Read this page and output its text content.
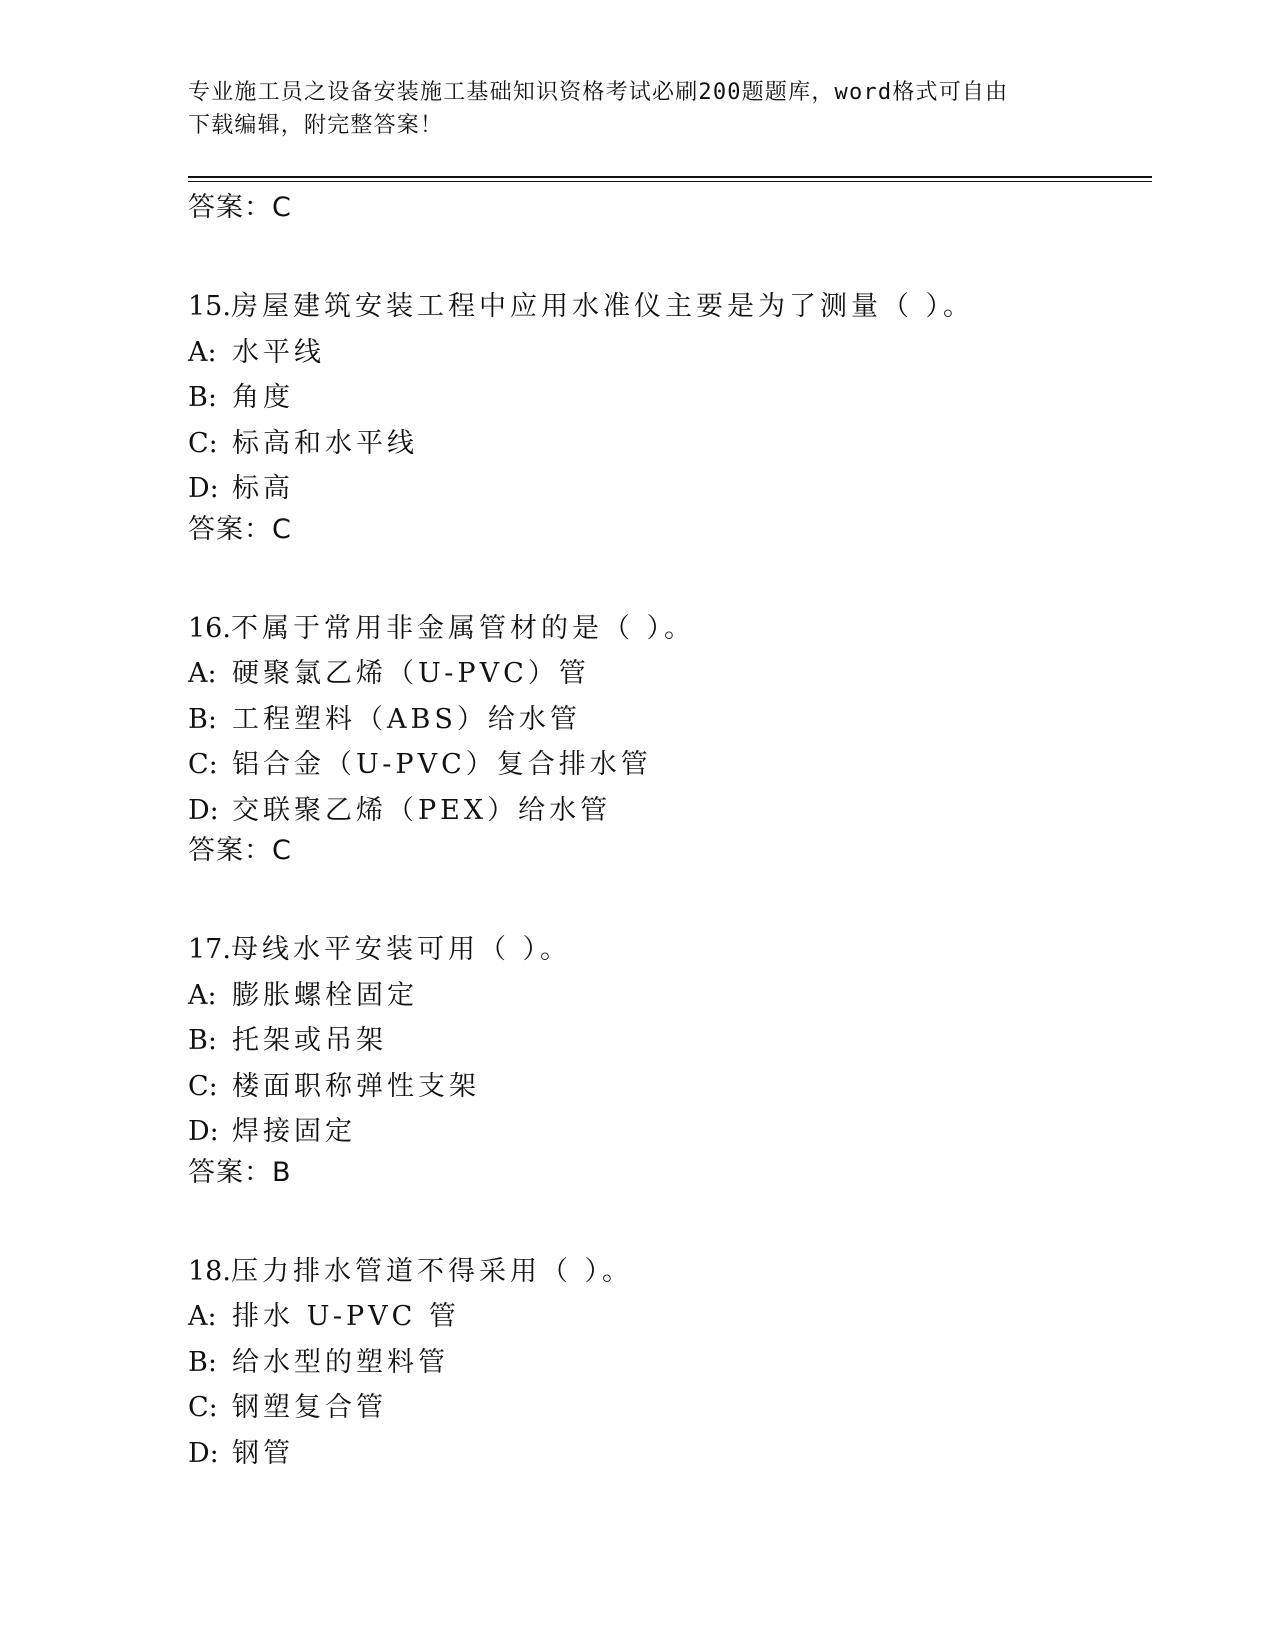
专业施工员之设备安装施工基础知识资格考试必刷200题题库，word格式可自由
下载编辑，附完整答案！
答案：C
15.房屋建筑安装工程中应用水准仪主要是为了测量（ ）。
A: 水平线
B: 角度
C: 标高和水平线
D: 标高
答案：C
16.不属于常用非金属管材的是（ ）。
A: 硬聚氯乙烯（U-PVC）管
B: 工程塑料（ABS）给水管
C: 铝合金（U-PVC）复合排水管
D: 交联聚乙烯（PEX）给水管
答案：C
17.母线水平安装可用（ ）。
A: 膨胀螺栓固定
B: 托架或吊架
C: 楼面职称弹性支架
D: 焊接固定
答案：B
18.压力排水管道不得采用（ ）。
A: 排水 U-PVC 管
B: 给水型的塑料管
C: 钢塑复合管
D: 钢管
